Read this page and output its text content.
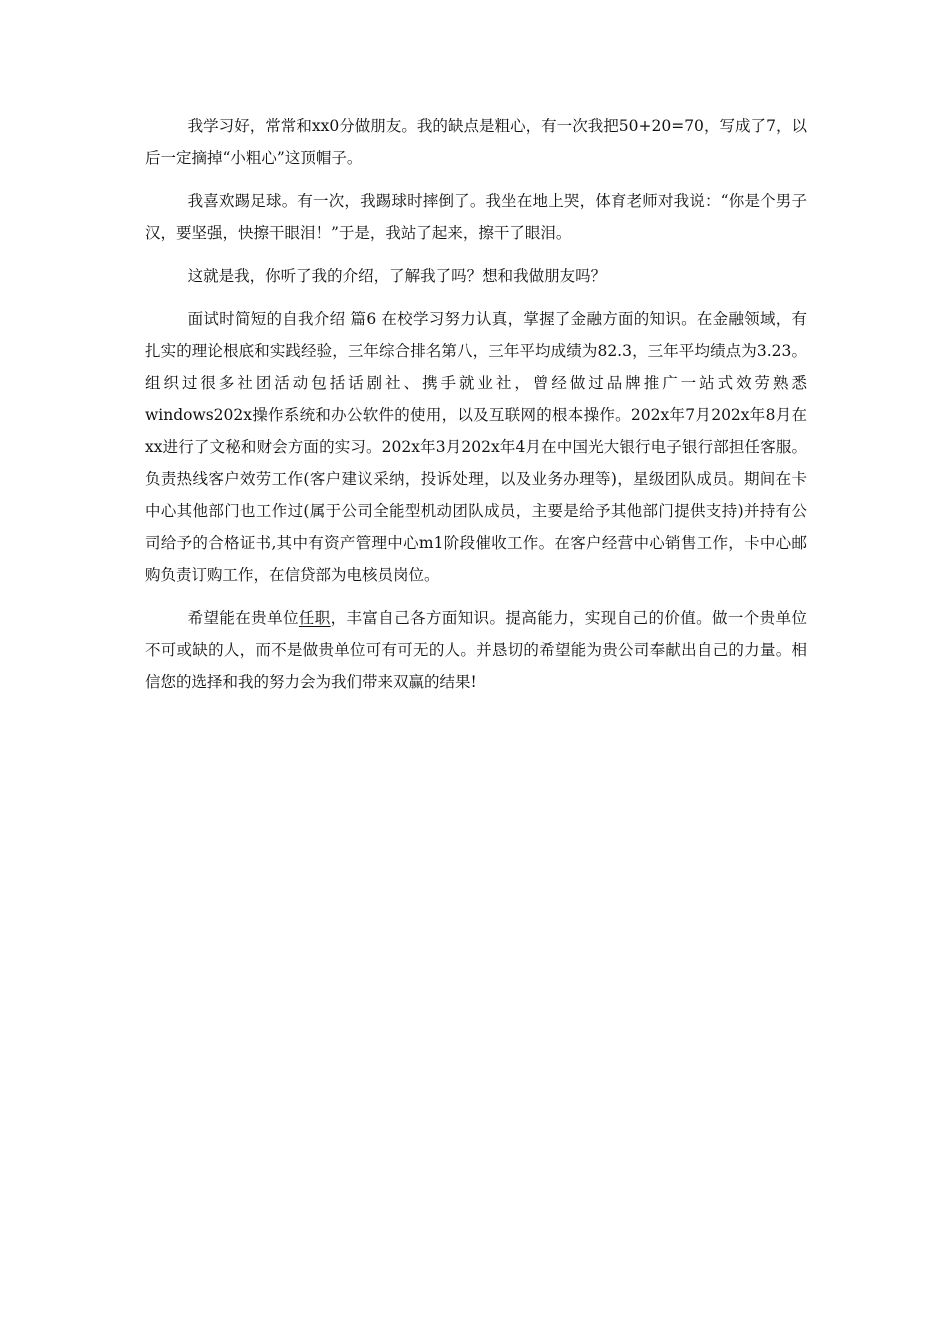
我学习好，常常和xx0分做朋友。我的缺点是粗心，有一次我把50+20=70，写成了7，以后一定摘掉“小粗心”这顶帽子。

我喜欢踢足球。有一次，我踢球时摔倒了。我坐在地上哭，体育老师对我说：“你是个男子汉，要坚强，快擦干眼泪！”于是，我站了起来，擦干了眼泪。

这就是我，你听了我的介绍，了解我了吗？想和我做朋友吗？

面试时简短的自我介绍 篇6 在校学习努力认真，掌握了金融方面的知识。在金融领域，有扎实的理论根底和实践经验，三年综合排名第八，三年平均成绩为82.3，三年平均绩点为3.23。组织过很多社团活动包括话剧社、携手就业社，曾经做过品牌推广一站式效劳熟悉windows202x操作系统和办公软件的使用，以及互联网的根本操作。202x年7月202x年8月在xx进行了文秘和财会方面的实习。202x年3月202x年4月在中国光大银行电子银行部担任客服。负责热线客户效劳工作(客户建议采纳，投诉处理，以及业务办理等)，星级团队成员。期间在卡中心其他部门也工作过(属于公司全能型机动团队成员，主要是给予其他部门提供支持)并持有公司给予的合格证书,其中有资产管理中心m1阶段催收工作。在客户经营中心销售工作，卡中心邮购负责订购工作，在信贷部为电核员岗位。

希望能在贵单位任职，丰富自己各方面知识。提高能力，实现自己的价值。做一个贵单位不可或缺的人，而不是做贵单位可有可无的人。并恳切的希望能为贵公司奉献出自己的力量。相信您的选择和我的努力会为我们带来双赢的结果!
